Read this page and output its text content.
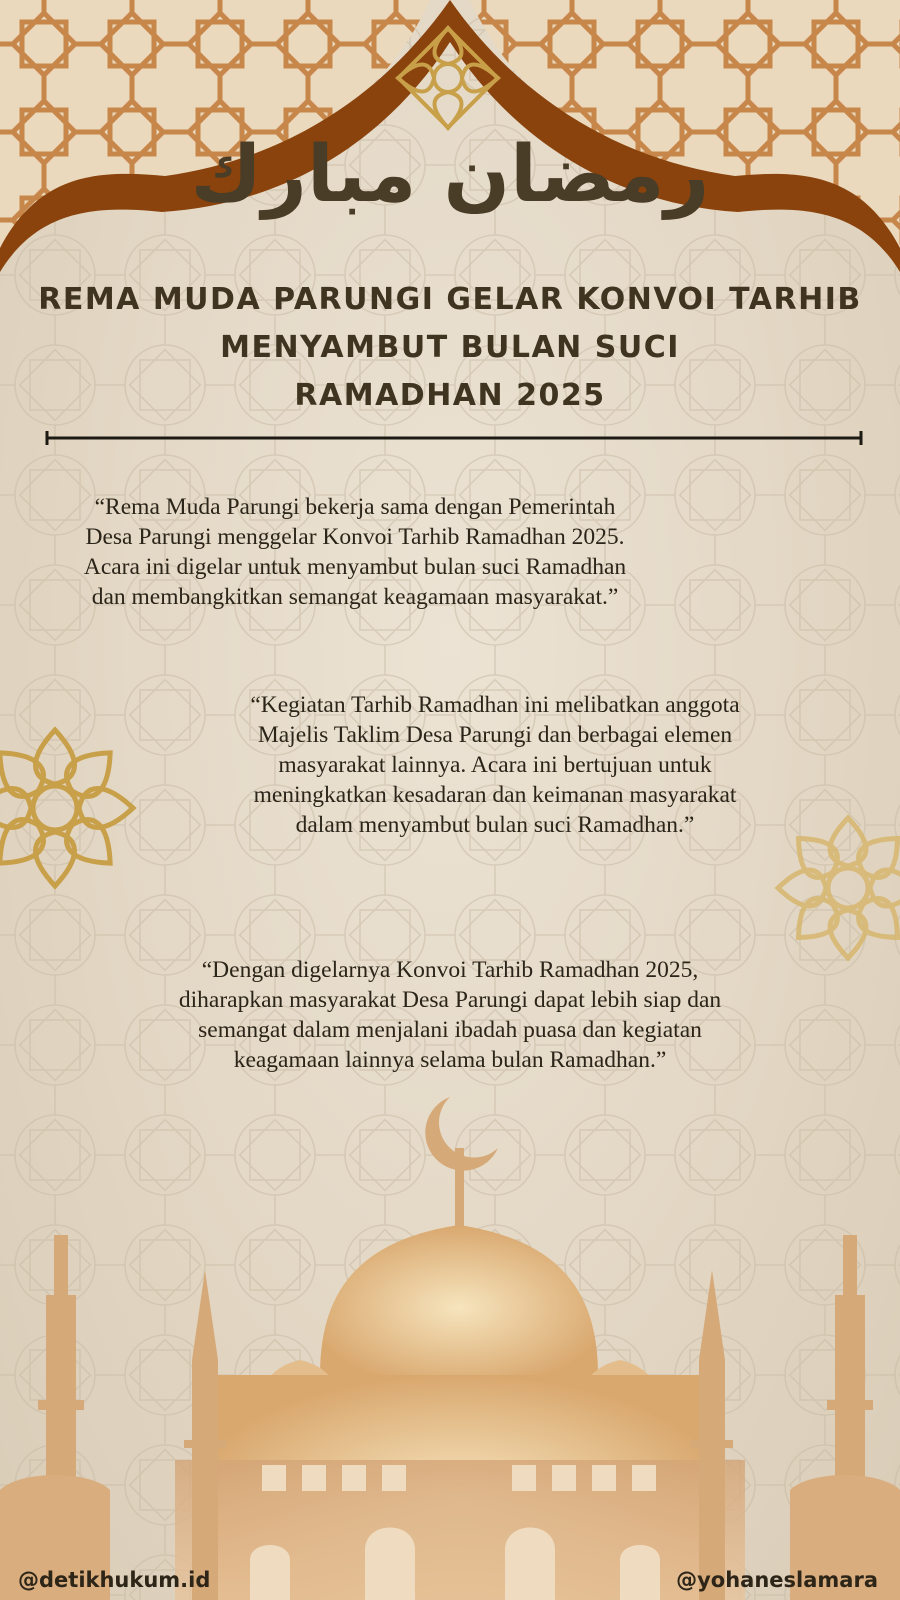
رمضان مبارك
REMA MUDA PARUNGI GELAR KONVOI TARHIB
MENYAMBUT BULAN SUCI
RAMADHAN 2025

“Rema Muda Parungi bekerja sama dengan Pemerintah

Desa Parungi menggelar Konvoi Tarhib Ramadhan 2025.

Acara ini digelar untuk menyambut bulan suci Ramadhan

dan membangkitkan semangat keagamaan masyarakat.”

“Kegiatan Tarhib Ramadhan ini melibatkan anggota

Majelis Taklim Desa Parungi dan berbagai elemen

masyarakat lainnya. Acara ini bertujuan untuk

meningkatkan kesadaran dan keimanan masyarakat

dalam menyambut bulan suci Ramadhan.”

“Dengan digelarnya Konvoi Tarhib Ramadhan 2025,

diharapkan masyarakat Desa Parungi dapat lebih siap dan

semangat dalam menjalani ibadah puasa dan kegiatan

keagamaan lainnya selama bulan Ramadhan.”

@detikhukum.id	@yohaneslamara
